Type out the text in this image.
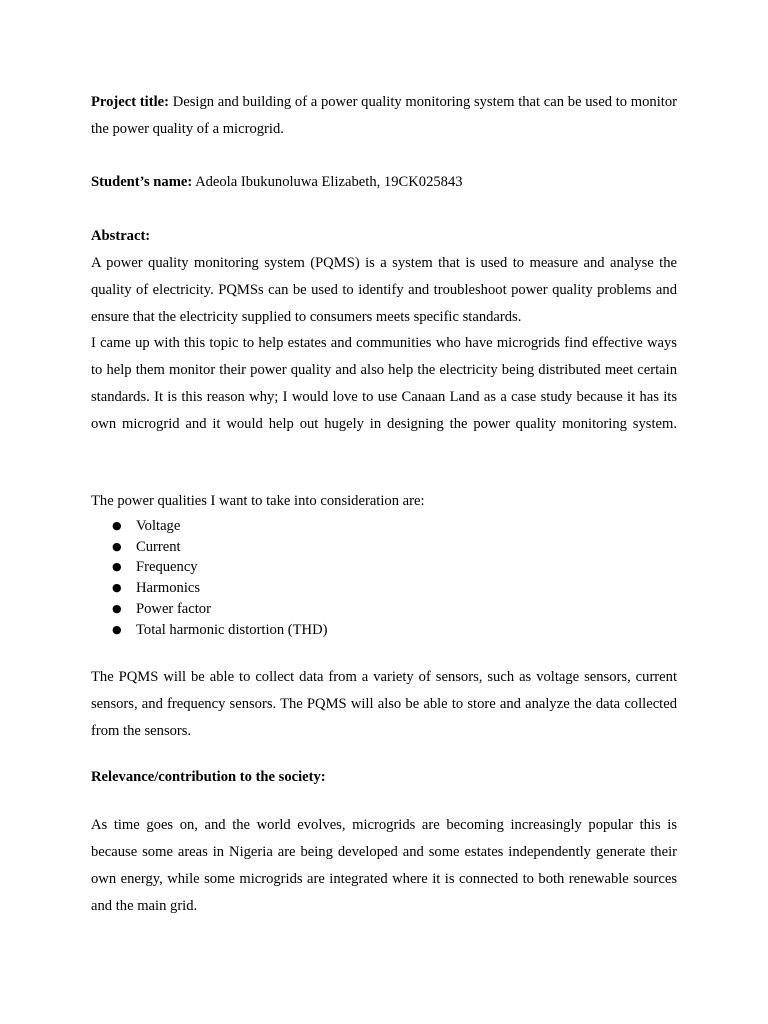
Project title: Design and building of a power quality monitoring system that can be used to monitor the power quality of a microgrid.
Student’s name: Adeola Ibukunoluwa Elizabeth, 19CK025843
Abstract:
A power quality monitoring system (PQMS) is a system that is used to measure and analyse the quality of electricity. PQMSs can be used to identify and troubleshoot power quality problems and ensure that the electricity supplied to consumers meets specific standards.
I came up with this topic to help estates and communities who have microgrids find effective ways to help them monitor their power quality and also help the electricity being distributed meet certain standards. It is this reason why; I would love to use Canaan Land as a case study because it has its own microgrid and it would help out hugely in designing the power quality monitoring system.
The power qualities I want to take into consideration are:
● Voltage
● Current
● Frequency
● Harmonics
● Power factor
● Total harmonic distortion (THD)
The PQMS will be able to collect data from a variety of sensors, such as voltage sensors, current sensors, and frequency sensors. The PQMS will also be able to store and analyze the data collected from the sensors.
Relevance/contribution to the society:
As time goes on, and the world evolves, microgrids are becoming increasingly popular this is because some areas in Nigeria are being developed and some estates independently generate their own energy, while some microgrids are integrated where it is connected to both renewable sources and the main grid.
